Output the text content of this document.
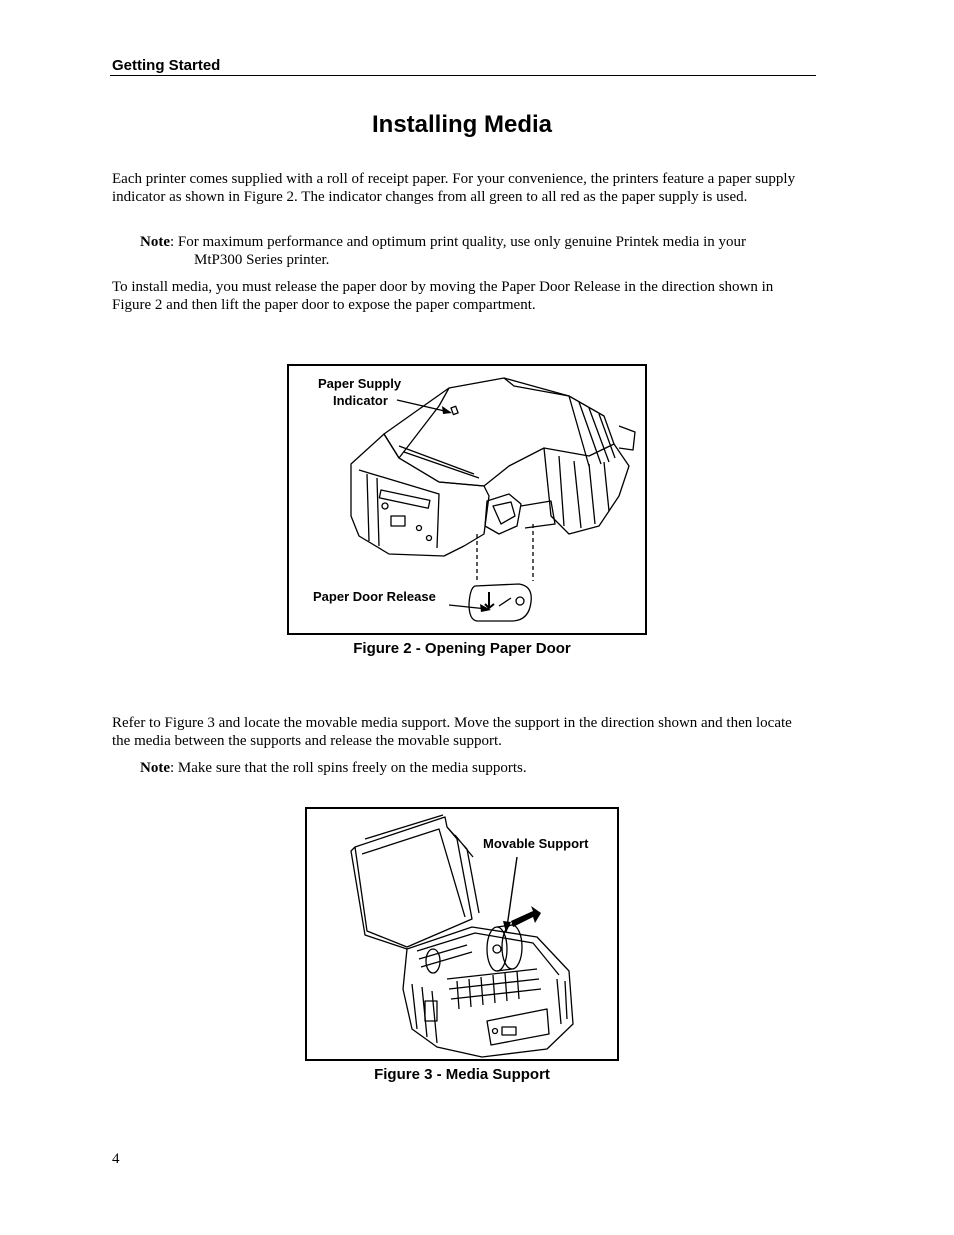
Getting Started
Installing Media

Each printer comes supplied with a roll of receipt paper. For your convenience, the printers feature a paper supply indicator as shown in Figure 2. The indicator changes from all green to all red as the paper supply is used.

Note: For maximum performance and optimum print quality, use only genuine Printek media in your
MtP300 Series printer.

To install media, you must release the paper door by moving the Paper Door Release in the direction shown in Figure 2 and then lift the paper door to expose the paper compartment.

Paper Supply
Indicator
Paper Door Release
Figure 2 - Opening Paper Door

Refer to Figure 3 and locate the movable media support. Move the support in the direction shown and then locate the media between the supports and release the movable support.

Note: Make sure that the roll spins freely on the media supports.

Movable Support
Figure 3 - Media Support
4
